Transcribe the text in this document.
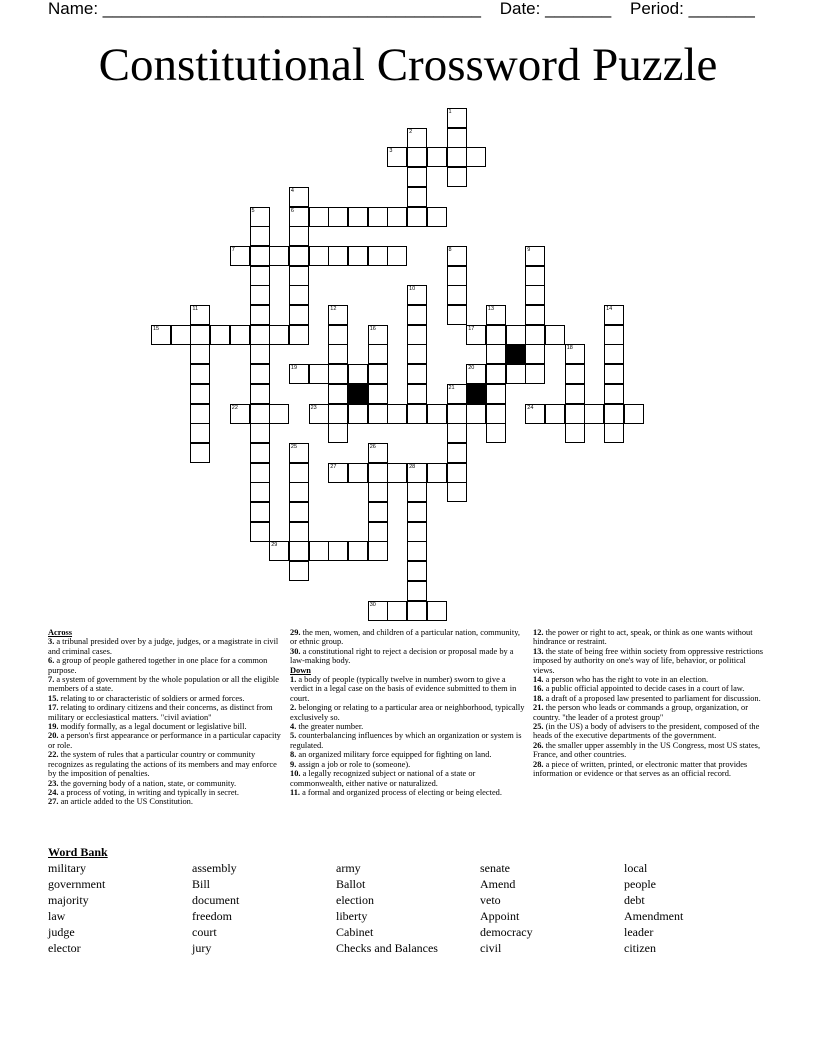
Name: ________________________________________ Date: _______ Period: _______
Constitutional Crossword Puzzle
3
6
7
15	17
19	20
22	23	24
27	28
29
30
1
2
4
5
8	9
10
11	12	13	14
16
18
21
25	26
Across
3. a tribunal presided over by a judge, judges, or a magistrate in civil and criminal cases.
6. a group of people gathered together in one place for a common purpose.
7. a system of government by the whole population or all the eligible members of a state.
15. relating to or characteristic of soldiers or armed forces.
17. relating to ordinary citizens and their concerns, as distinct from military or ecclesiastical matters. "civil aviation"
19. modify formally, as a legal document or legislative bill.
20. a person's first appearance or performance in a particular capacity or role.
22. the system of rules that a particular country or community recognizes as regulating the actions of its members and may enforce by the imposition of penalties.
23. the governing body of a nation, state, or community.
24. a process of voting, in writing and typically in secret.
27. an article added to the US Constitution.
29. the men, women, and children of a particular nation, community, or ethnic group.
30. a constitutional right to reject a decision or proposal made by a law-making body.
Down
1. a body of people (typically twelve in number) sworn to give a verdict in a legal case on the basis of evidence submitted to them in court.
2. belonging or relating to a particular area or neighborhood, typically exclusively so.
4. the greater number.
5. counterbalancing influences by which an organization or system is regulated.
8. an organized military force equipped for fighting on land.
9. assign a job or role to (someone).
10. a legally recognized subject or national of a state or commonwealth, either native or naturalized.
11. a formal and organized process of electing or being elected.
12. the power or right to act, speak, or think as one wants without hindrance or restraint.
13. the state of being free within society from oppressive restrictions imposed by authority on one's way of life, behavior, or political views.
14. a person who has the right to vote in an election.
16. a public official appointed to decide cases in a court of law.
18. a draft of a proposed law presented to parliament for discussion.
21. the person who leads or commands a group, organization, or country. "the leader of a protest group"
25. (in the US) a body of advisers to the president, composed of the heads of the executive departments of the government.
26. the smaller upper assembly in the US Congress, most US states, France, and other countries.
28. a piece of written, printed, or electronic matter that provides information or evidence or that serves as an official record.
Word Bank
military
government
majority
law
judge
elector
assembly
Bill
document
freedom
court
jury
army
Ballot
election
liberty
Cabinet
Checks and Balances
senate
Amend
veto
Appoint
democracy
civil
local
people
debt
Amendment
leader
citizen
